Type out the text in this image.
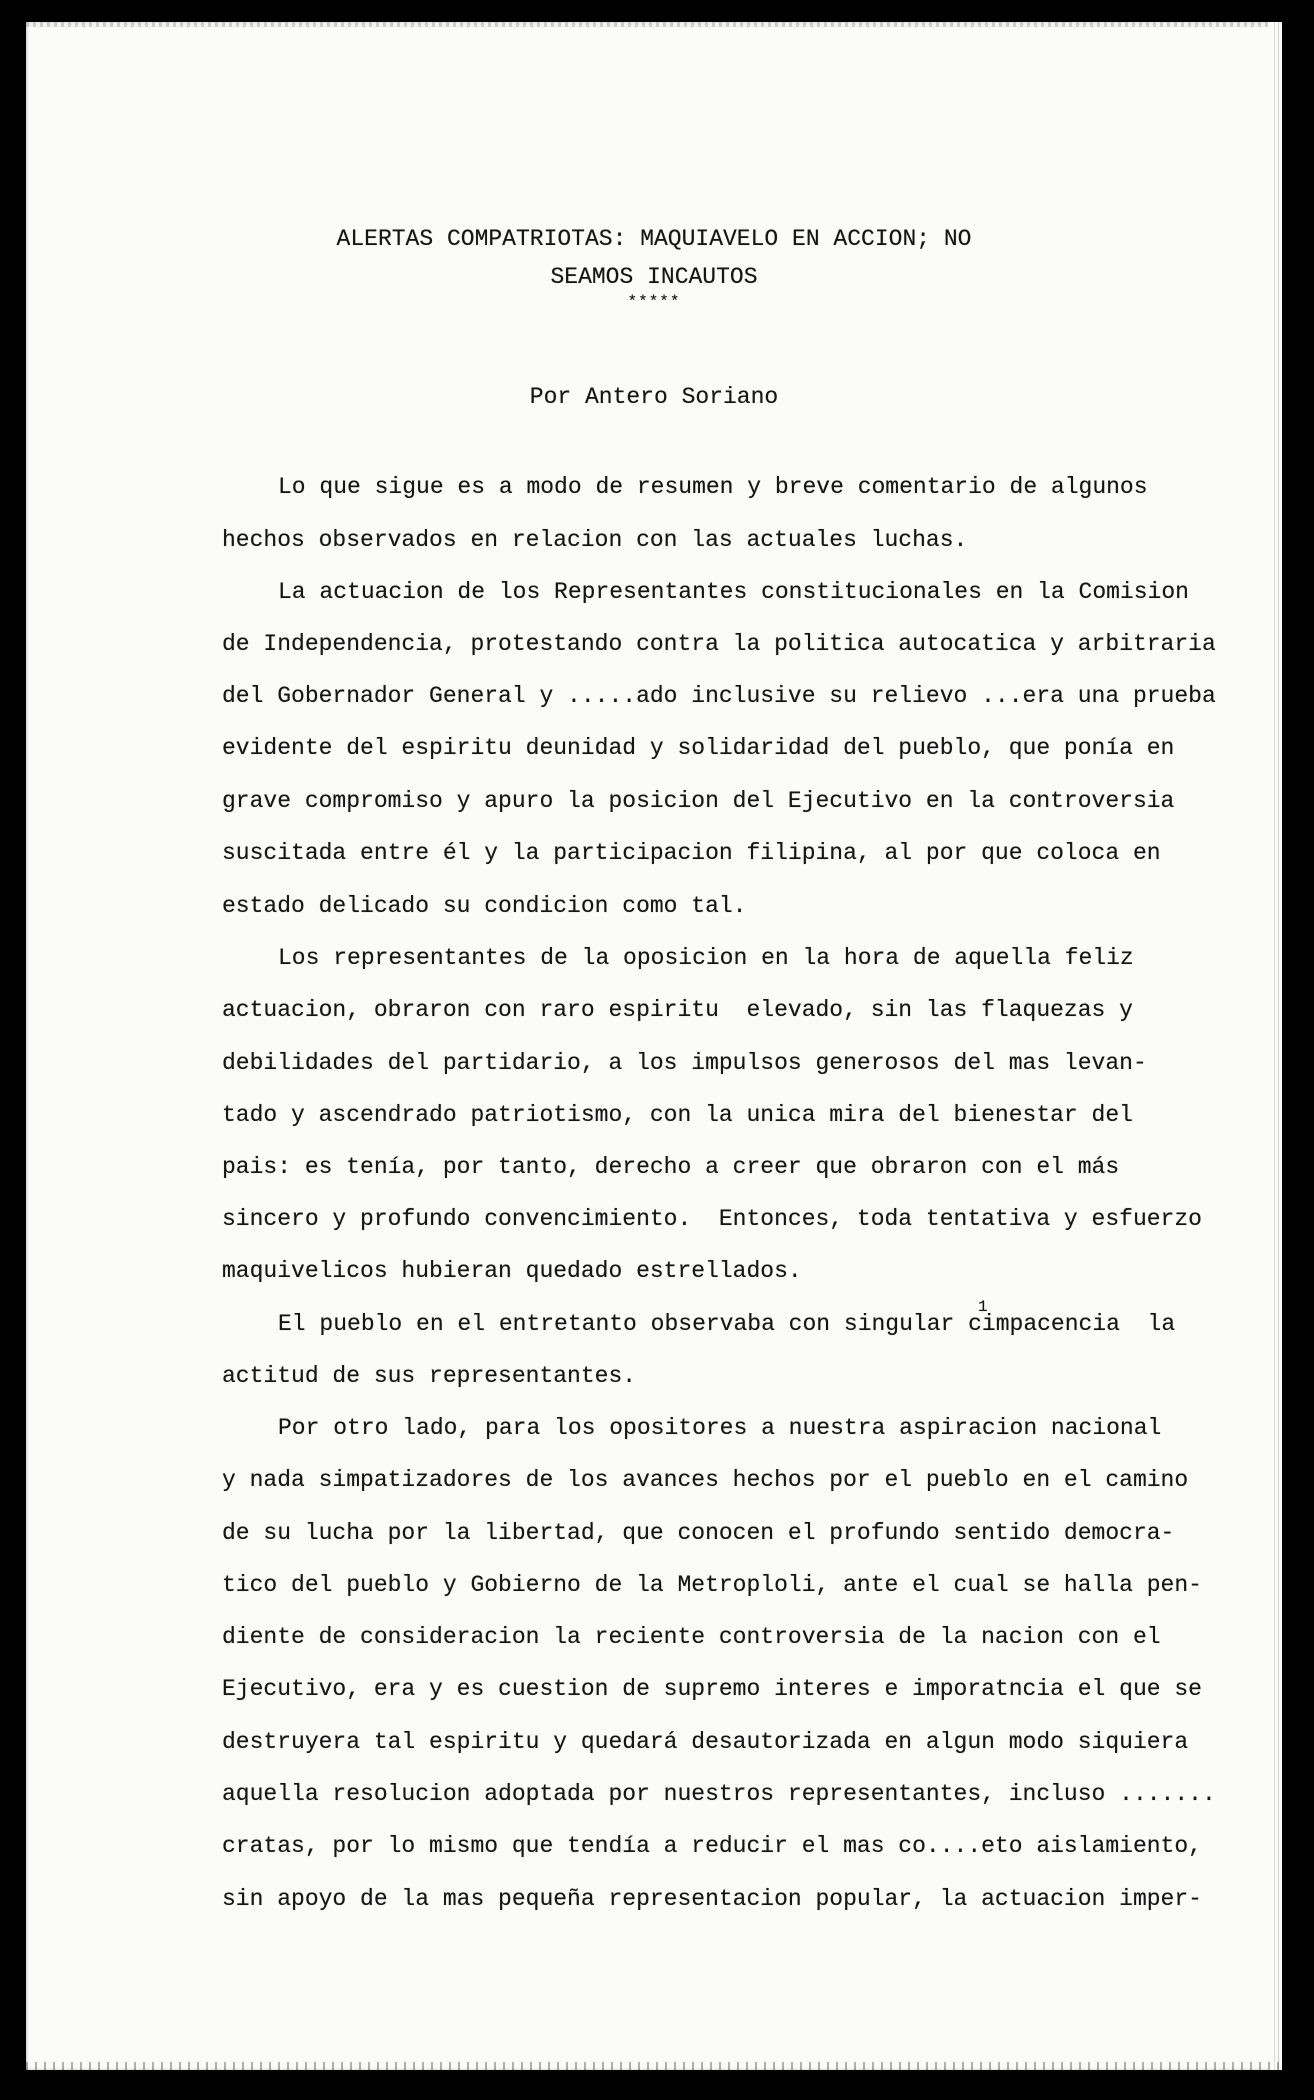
ALERTAS COMPATRIOTAS: MAQUIAVELO EN ACCION; NO
SEAMOS INCAUTOS
*****
Por Antero Soriano
Lo que sigue es a modo de resumen y breve comentario de algunos
hechos observados en relacion con las actuales luchas.
La actuacion de los Representantes constitucionales en la Comision
de Independencia, protestando contra la politica autocatica y arbitraria
del Gobernador General y .....ado inclusive su relievo ...era una prueba
evidente del espiritu deunidad y solidaridad del pueblo, que ponía en
grave compromiso y apuro la posicion del Ejecutivo en la controversia
suscitada entre él y la participacion filipina, al por que coloca en
estado delicado su condicion como tal.
Los representantes de la oposicion en la hora de aquella feliz
actuacion, obraron con raro espiritu  elevado, sin las flaquezas y
debilidades del partidario, a los impulsos generosos del mas levan-
tado y ascendrado patriotismo, con la unica mira del bienestar del
pais: es tenía, por tanto, derecho a creer que obraron con el más
sincero y profundo convencimiento.  Entonces, toda tentativa y esfuerzo
maquivelicos hubieran quedado estrellados.
1
El pueblo en el entretanto observaba con singular cimpacencia  la
actitud de sus representantes.
Por otro lado, para los opositores a nuestra aspiracion nacional
y nada simpatizadores de los avances hechos por el pueblo en el camino
de su lucha por la libertad, que conocen el profundo sentido democra-
tico del pueblo y Gobierno de la Metroploli, ante el cual se halla pen-
diente de consideracion la reciente controversia de la nacion con el
Ejecutivo, era y es cuestion de supremo interes e imporatncia el que se
destruyera tal espiritu y quedará desautorizada en algun modo siquiera
aquella resolucion adoptada por nuestros representantes, incluso .......
cratas, por lo mismo que tendía a reducir el mas co....eto aislamiento,
sin apoyo de la mas pequeña representacion popular, la actuacion imper-
